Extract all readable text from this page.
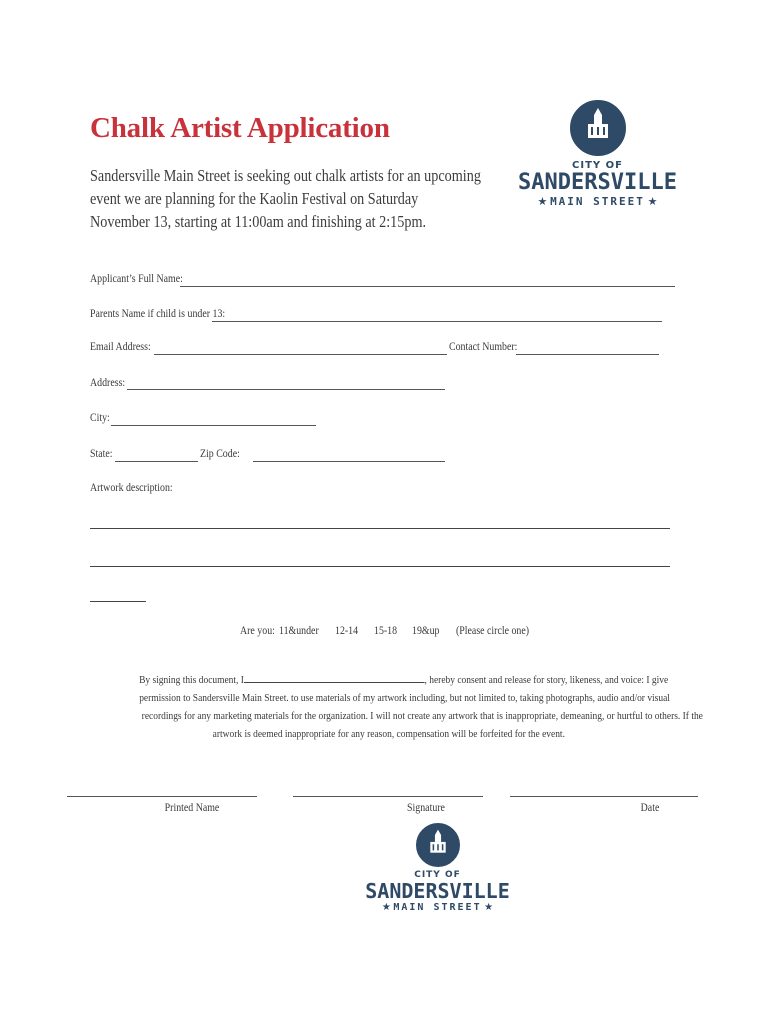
Chalk Artist Application
Sandersville Main Street is seeking out chalk artists for an upcoming
event we are planning for the Kaolin Festival on Saturday
November 13, starting at 11:00am and finishing at 2:15pm.
CITY OF
SANDERSVILLE
★ MAIN STREET ★
Applicant’s Full Name:
Parents Name if child is under 13:
Email Address:	Contact Number:
Address:
City:
State:	Zip Code:
Artwork description:
Are you: 11&under 12-14 15-18 19&up (Please circle one)
By signing this document, I	, hereby consent and release for story, likeness, and voice: I give
permission to Sandersville Main Street. to use materials of my artwork including, but not limited to, taking photographs, audio and/or visual
recordings for any marketing materials for the organization. I will not create any artwork that is inappropriate, demeaning, or hurtful to others. If the
artwork is deemed inappropriate for any reason, compensation will be forfeited for the event.
Printed Name	Signature	Date
CITY OF
SANDERSVILLE
★ MAIN STREET ★
